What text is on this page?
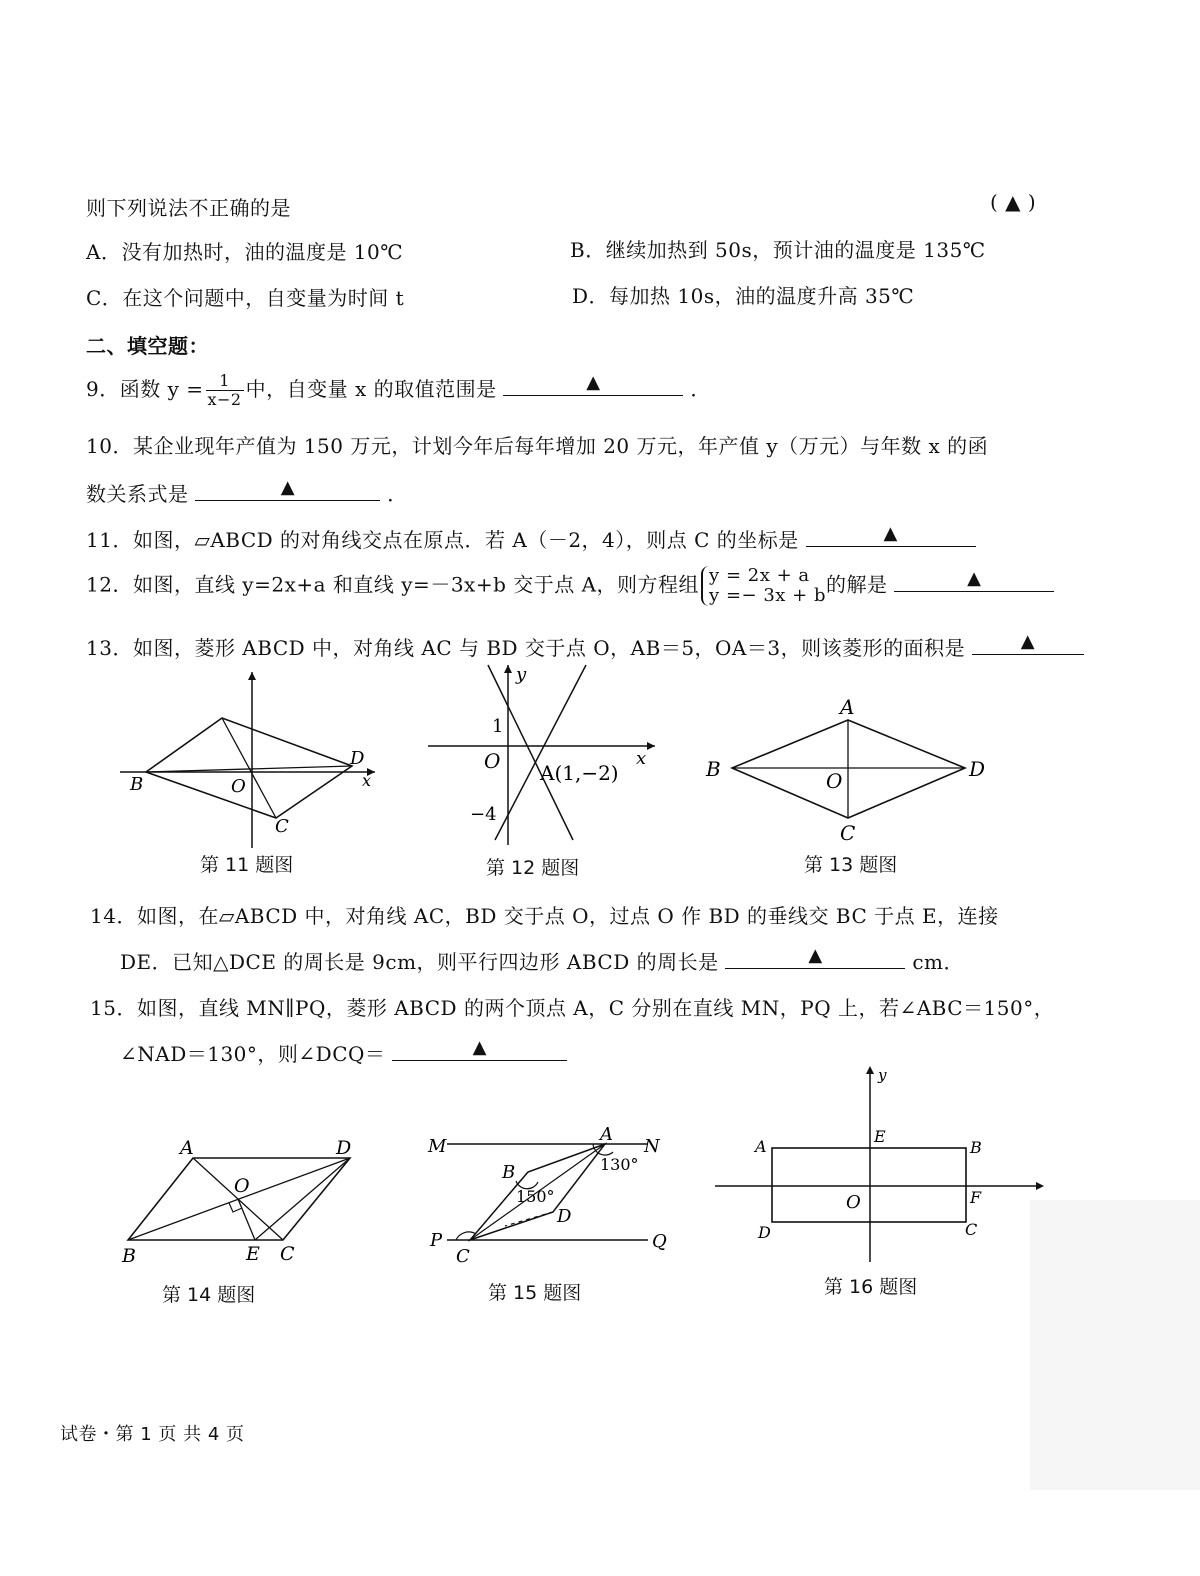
则下列说法不正确的是	( ▲ )
A．没有加热时，油的温度是 10℃	B．继续加热到 50s，预计油的温度是 135℃
C．在这个问题中，自变量为时间 t	D．每加热 10s，油的温度升高 35℃
二、填空题：
9．函数 $y = \frac{1}{x-2}$ 中，自变量 x 的取值范围是	▲	．
10．某企业现年产值为 150 万元，计划今年后每年增加 20 万元，年产值 y（万元）与年数 x 的函
数关系式是	▲	．
11．如图，▱ABCD 的对角线交点在原点．若 A（－2，4），则点 C 的坐标是	▲
12．如图，直线 y=2x+a 和直线 y=－3x+b 交于点 A，则方程组 y = 2x + a
y =− 3x + b 的解是	▲
13．如图，菱形 ABCD 中，对角线 AC 与 BD 交于点 O，AB＝5，OA＝3，则该菱形的面积是	▲
B	O
C
D
x
第 11 题图
y
x
O
1
−4
A(1,−2)
第 12 题图
A
B
C
D
O
第 13 题图
14．如图，在▱ABCD 中，对角线 AC，BD 交于点 O，过点 O 作 BD 的垂线交 BC 于点 E，连接
DE．已知△DCE 的周长是 9cm，则平行四边形 ABCD 的周长是	▲	cm．
15．如图，直线 MN∥PQ，菱形 ABCD 的两个顶点 A，C 分别在直线 MN，PQ 上，若∠ABC＝150°，
∠NAD＝130°，则∠DCQ＝	▲
A	D
B	E C
O
第 14 题图
M	N
P	Q
A
B
C
D
150°
130°
第 15 题图
y
A	B
C
D
E
F
O
第 16 题图
试卷・第 1 页 共 4 页
